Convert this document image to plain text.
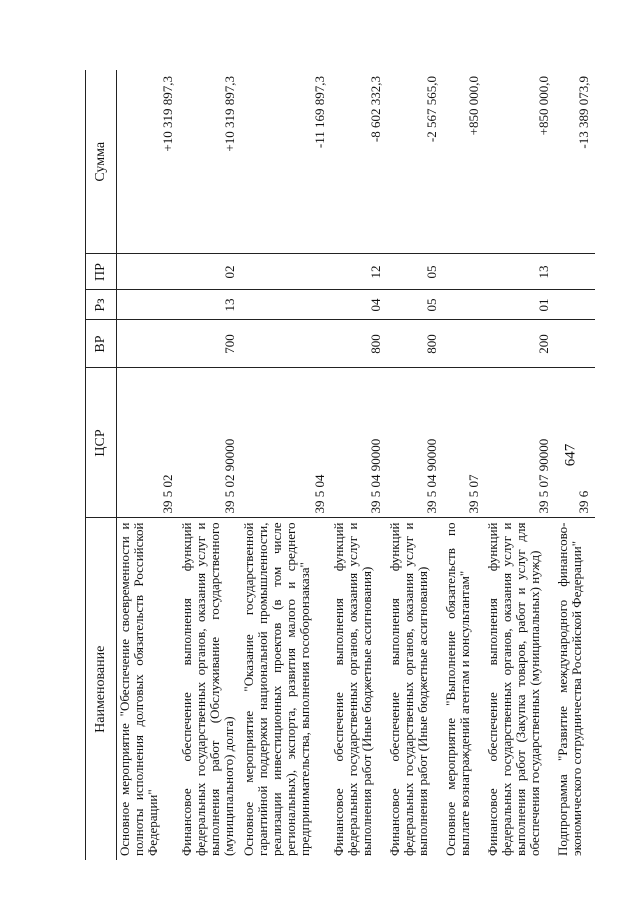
647
Наименование	ЦСР	ВР	Рз	ПР	Сумма
Основное мероприятие "Обеспечение своевременности и полноты исполнения долговых обязательств Российской Федерации"	39 5 02				+10 319 897,3
Финансовое обеспечение выполнения функций федеральных государственных органов, оказания услуг и выполнения работ (Обслуживание государственного (муниципального) долга)	39 5 02 90000	700	13	02	+10 319 897,3
Основное мероприятие "Оказание государственной гарантийной поддержки национальной промышленности, реализации инвестиционных проектов (в том числе региональных), экспорта, развития малого и среднего предпринимательства, выполнения гособоронзаказа"	39 5 04				-11 169 897,3
Финансовое обеспечение выполнения функций федеральных государственных органов, оказания услуг и выполнения работ (Иные бюджетные ассигнования)	39 5 04 90000	800	04	12	-8 602 332,3
Финансовое обеспечение выполнения функций федеральных государственных органов, оказания услуг и выполнения работ (Иные бюджетные ассигнования)	39 5 04 90000	800	05	05	-2 567 565,0
Основное мероприятие "Выполнение обязательств по выплате вознаграждений агентам и консультантам"	39 5 07				+850 000,0
Финансовое обеспечение выполнения функций федеральных государственных органов, оказания услуг и выполнения работ (Закупка товаров, работ и услуг для обеспечения государственных (муниципальных) нужд)	39 5 07 90000	200	01	13	+850 000,0
Подпрограмма "Развитие международного финансово-экономического сотрудничества Российской Федерации"	39 6				-13 389 073,9
